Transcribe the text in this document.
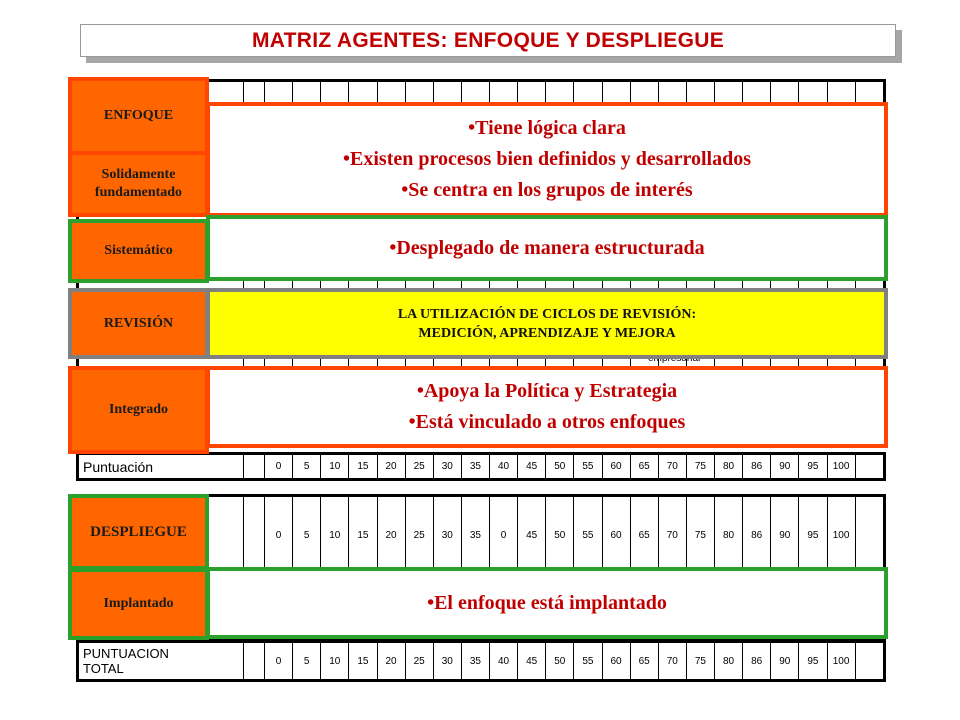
MATRIZ AGENTES: ENFOQUE Y DESPLIEGUE

Puntuación		0	5	10	15	20	25	30	35	40	45	50	55	60	65	70	75	80	86	90	95	100	
		0	5	10	15	20	25	30	35	0	45	50	55	60	65	70	75	80	86	90	95	100	
PUNTUACION
TOTAL		0	5	10	15	20	25	30	35	40	45	50	55	60	65	70	75	80	86	90	95	100	
ENFOQUE
Solidamente fundamentado
Sistemático
REVISIÓN
Integrado
DESPLIEGUE
Implantado
• Tiene lógica clara
• Existen procesos bien definidos y desarrollados
• Se centra en los grupos de interés
• Desplegado de manera estructurada
LA UTILIZACIÓN DE CICLOS DE REVISIÓN:
MEDICIÓN, APRENDIZAJE Y MEJORA
• Apoya la Política y Estrategia
• Está vinculado a otros enfoques
• El enfoque está implantado
